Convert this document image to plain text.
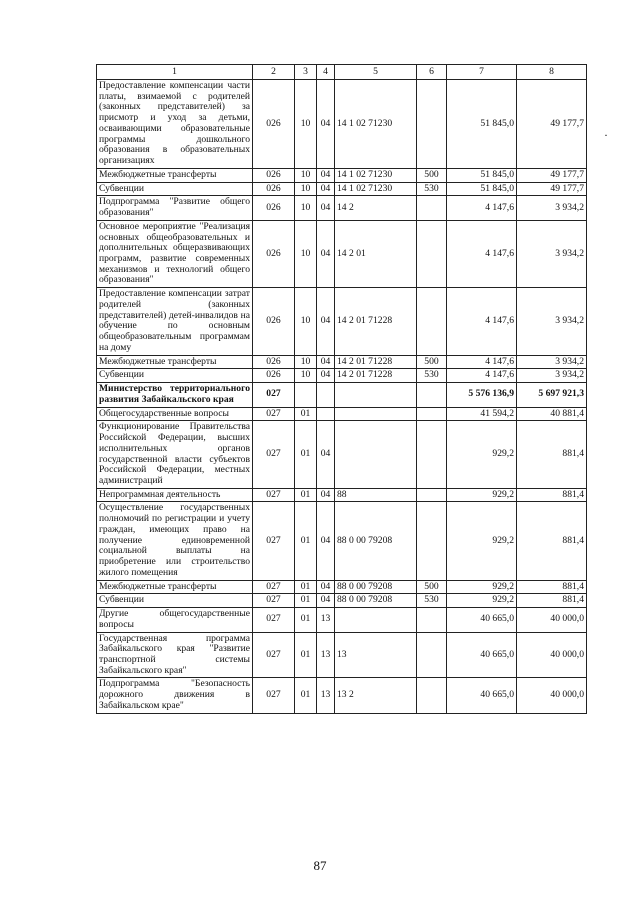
1	2	3	4	5	6	7	8
Предоставление компенсации части платы, взимаемой с родителей (законных представителей) за присмотр и уход за детьми, осваивающими образовательные программы дошкольного образования в образовательных организациях	026	10	04	14 1 02 71230		51 845,0	49 177,7
Межбюджетные трансферты	026	10	04	14 1 02 71230	500	51 845,0	49 177,7
Субвенции	026	10	04	14 1 02 71230	530	51 845,0	49 177,7
Подпрограмма "Развитие общего образования"	026	10	04	14 2		4 147,6	3 934,2
Основное мероприятие "Реализация основных общеобразовательных и дополнительных общеразвивающих программ, развитие современных механизмов и технологий общего образования"	026	10	04	14 2 01		4 147,6	3 934,2
Предоставление компенсации затрат родителей (законных представителей) детей-инвалидов на обучение по основным общеобразовательным программам на дому	026	10	04	14 2 01 71228		4 147,6	3 934,2
Межбюджетные трансферты	026	10	04	14 2 01 71228	500	4 147,6	3 934,2
Субвенции	026	10	04	14 2 01 71228	530	4 147,6	3 934,2
Министерство территориального развития Забайкальского края	027					5 576 136,9	5 697 921,3
Общегосударственные вопросы	027	01				41 594,2	40 881,4
Функционирование Правительства Российской Федерации, высших исполнительных органов государственной власти субъектов Российской Федерации, местных администраций	027	01	04			929,2	881,4
Непрограммная деятельность	027	01	04	88		929,2	881,4
Осуществление государственных полномочий по регистрации и учету граждан, имеющих право на получение единовременной социальной выплаты на приобретение или строительство жилого помещения	027	01	04	88 0 00 79208		929,2	881,4
Межбюджетные трансферты	027	01	04	88 0 00 79208	500	929,2	881,4
Субвенции	027	01	04	88 0 00 79208	530	929,2	881,4
Другие общегосударственные вопросы	027	01	13			40 665,0	40 000,0
Государственная программа Забайкальского края "Развитие транспортной системы Забайкальского края"	027	01	13	13		40 665,0	40 000,0
Подпрограмма "Безопасность дорожного движения в Забайкальском крае"	027	01	13	13 2		40 665,0	40 000,0
·
87
